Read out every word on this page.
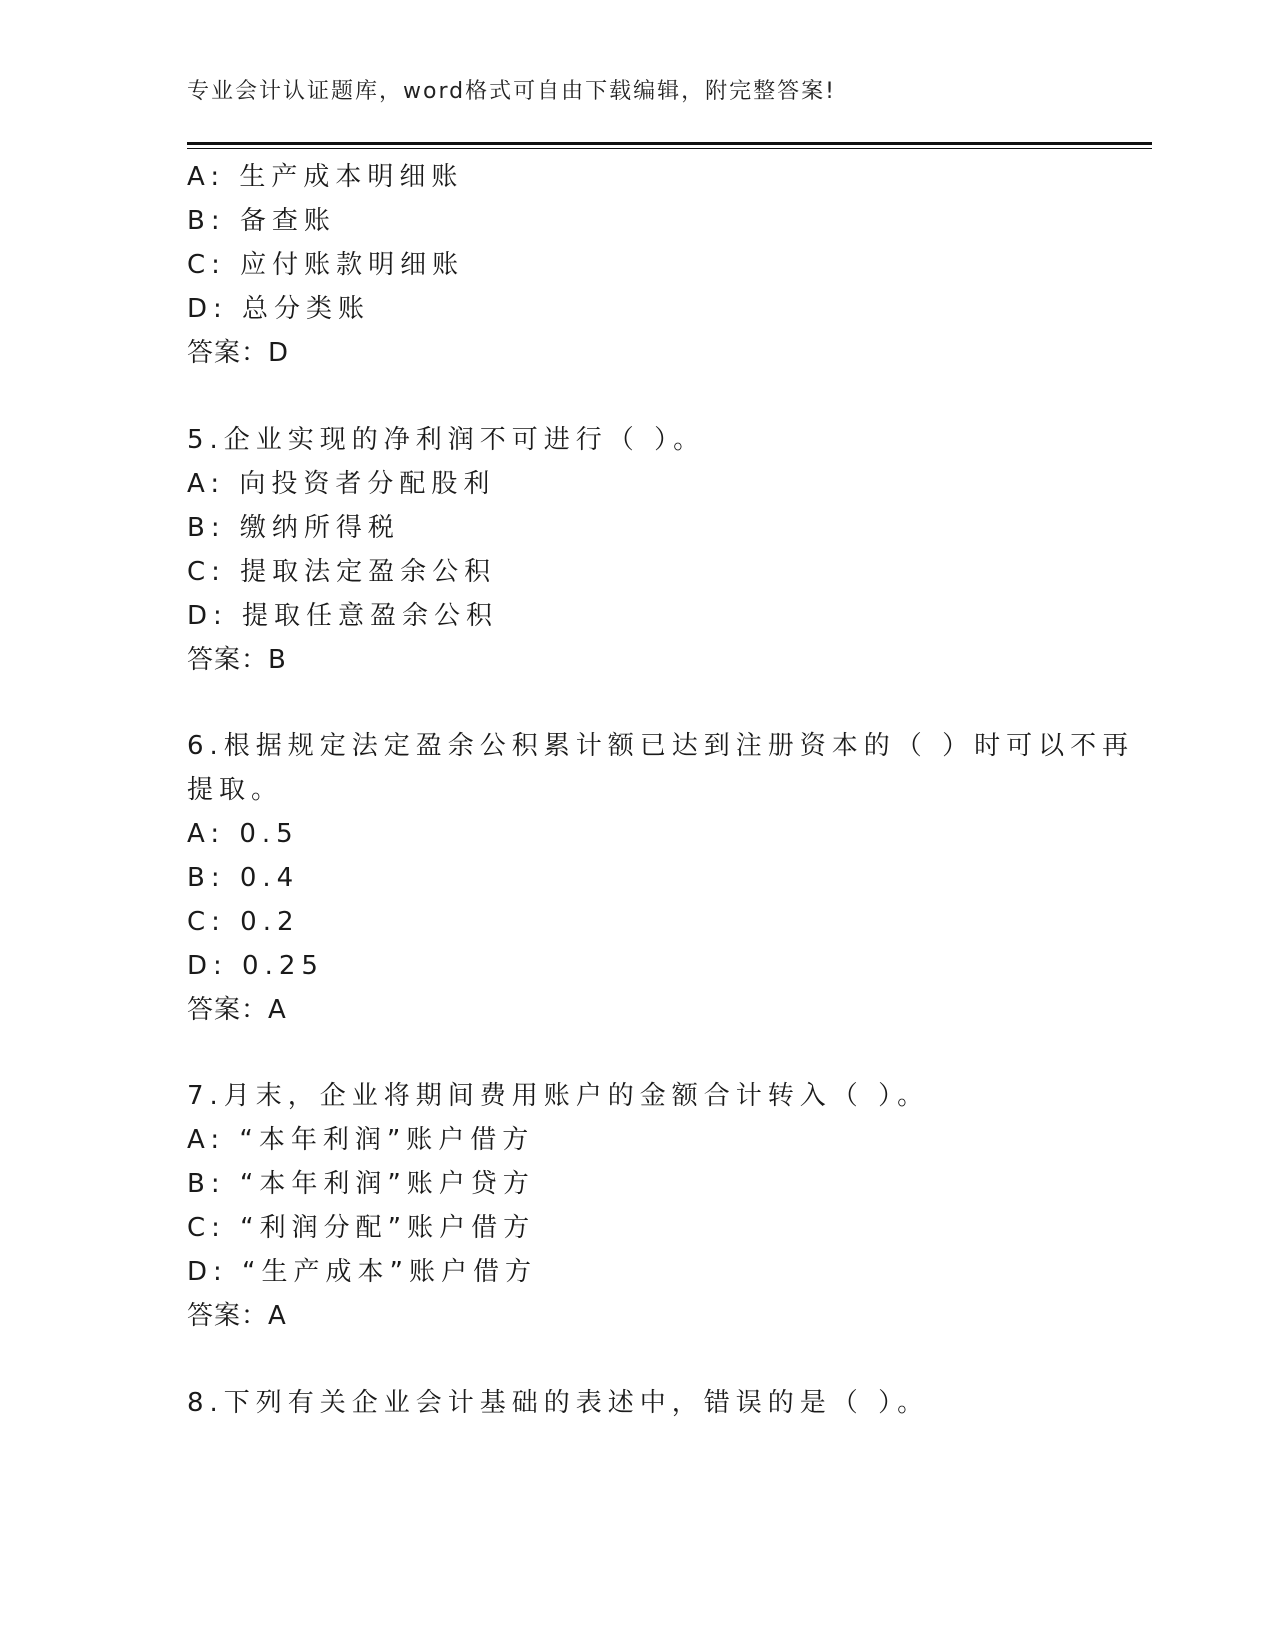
专业会计认证题库，word格式可自由下载编辑，附完整答案!
A: 生产成本明细账
B: 备查账
C: 应付账款明细账
D: 总分类账
答案：D
5.企业实现的净利润不可进行（ ）。
A: 向投资者分配股利
B: 缴纳所得税
C: 提取法定盈余公积
D: 提取任意盈余公积
答案：B
6.根据规定法定盈余公积累计额已达到注册资本的（ ）时可以不再
提取。
A: 0.5
B: 0.4
C: 0.2
D: 0.25
答案：A
7.月末，企业将期间费用账户的金额合计转入（ ）。
A: “本年利润”账户借方
B: “本年利润”账户贷方
C: “利润分配”账户借方
D: “生产成本”账户借方
答案：A
8.下列有关企业会计基础的表述中，错误的是（ ）。
